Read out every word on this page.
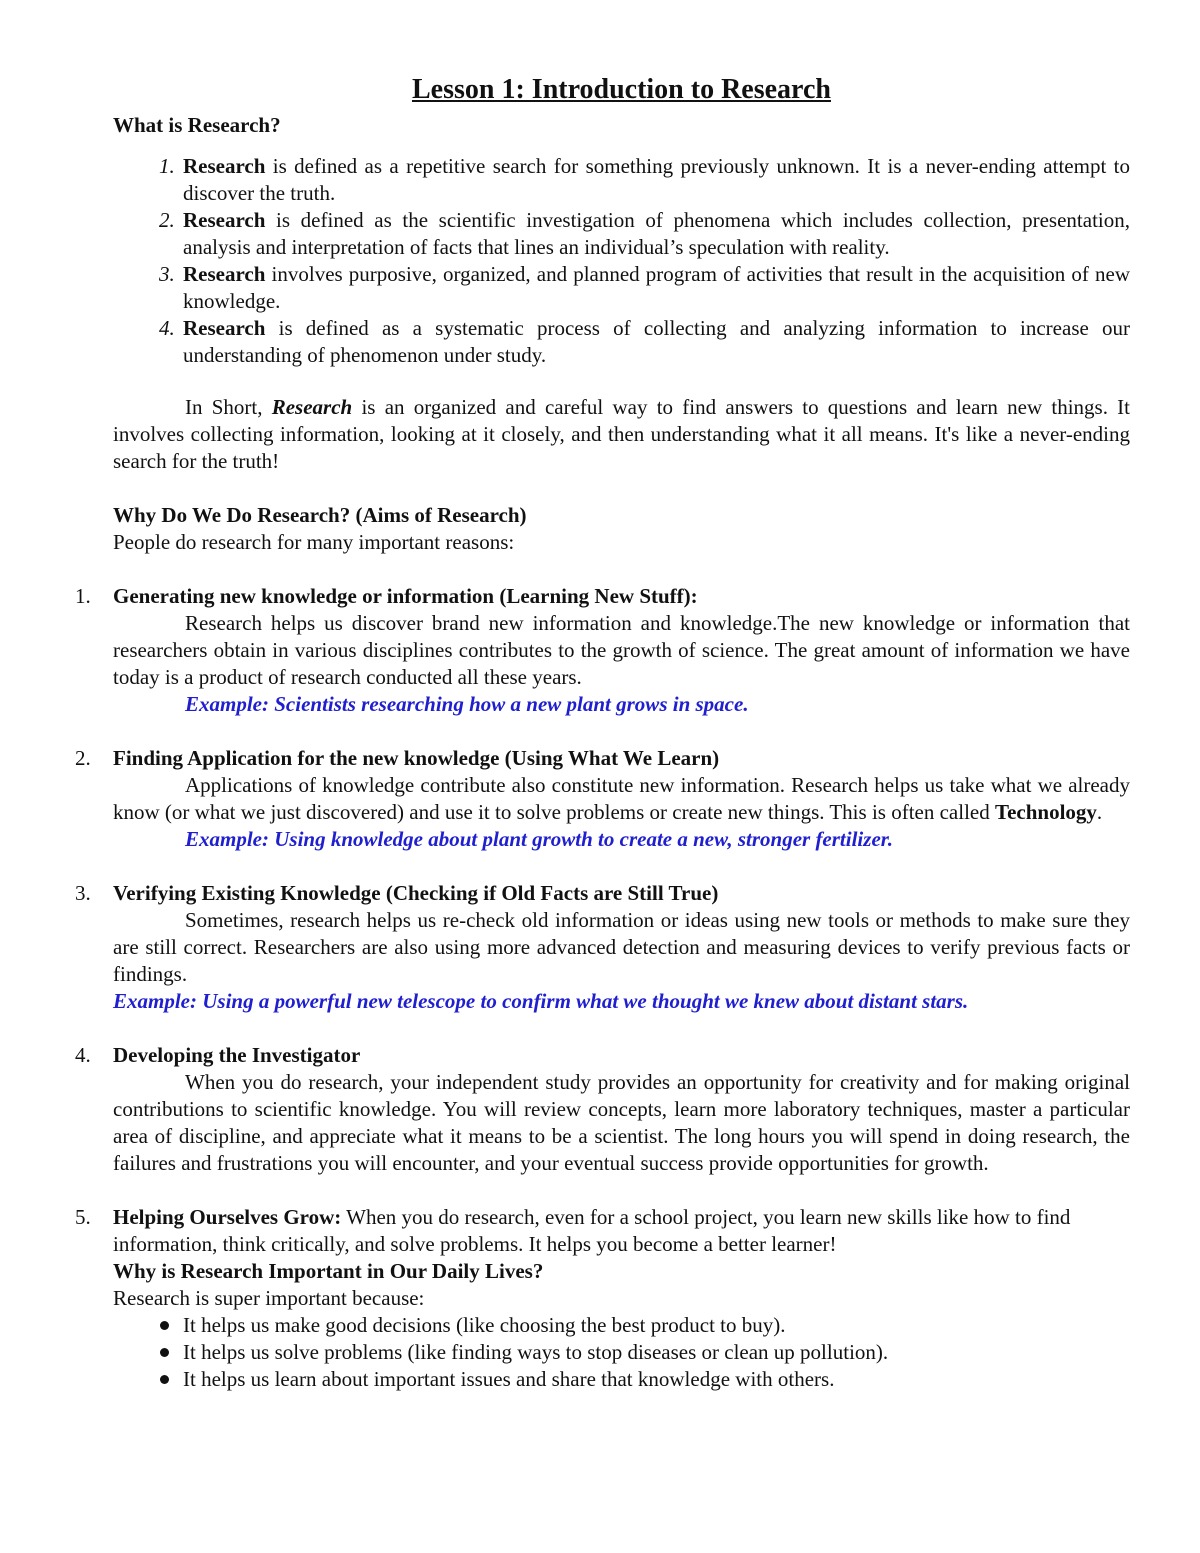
Lesson 1: Introduction to Research
What is Research?
1. Research is defined as a repetitive search for something previously unknown. It is a never-ending attempt to discover the truth.
2. Research is defined as the scientific investigation of phenomena which includes collection, presentation, analysis and interpretation of facts that lines an individual’s speculation with reality.
3. Research involves purposive, organized, and planned program of activities that result in the acquisition of new knowledge.
4. Research is defined as a systematic process of collecting and analyzing information to increase our understanding of phenomenon under study.

In Short, Research is an organized and careful way to find answers to questions and learn new things. It involves collecting information, looking at it closely, and then understanding what it all means. It's like a never-ending search for the truth!

Why Do We Do Research? (Aims of Research)

People do research for many important reasons:

1. Generating new knowledge or information (Learning New Stuff):

Research helps us discover brand new information and knowledge.The new knowledge or information that researchers obtain in various disciplines contributes to the growth of science. The great amount of information we have today is a product of research conducted all these years.

Example: Scientists researching how a new plant grows in space.

2. Finding Application for the new knowledge (Using What We Learn)

Applications of knowledge contribute also constitute new information. Research helps us take what we already know (or what we just discovered) and use it to solve problems or create new things. This is often called Technology.

Example: Using knowledge about plant growth to create a new, stronger fertilizer.

3. Verifying Existing Knowledge (Checking if Old Facts are Still True)

Sometimes, research helps us re-check old information or ideas using new tools or methods to make sure they are still correct. Researchers are also using more advanced detection and measuring devices to verify previous facts or findings.

Example: Using a powerful new telescope to confirm what we thought we knew about distant stars.

4. Developing the Investigator

When you do research, your independent study provides an opportunity for creativity and for making original contributions to scientific knowledge. You will review concepts, learn more laboratory techniques, master a particular area of discipline, and appreciate what it means to be a scientist. The long hours you will spend in doing research, the failures and frustrations you will encounter, and your eventual success provide opportunities for growth.

5. Helping Ourselves Grow: When you do research, even for a school project, you learn new skills like how to find information, think critically, and solve problems. It helps you become a better learner!

Why is Research Important in Our Daily Lives?

Research is super important because:

It helps us make good decisions (like choosing the best product to buy).
It helps us solve problems (like finding ways to stop diseases or clean up pollution).
It helps us learn about important issues and share that knowledge with others.
